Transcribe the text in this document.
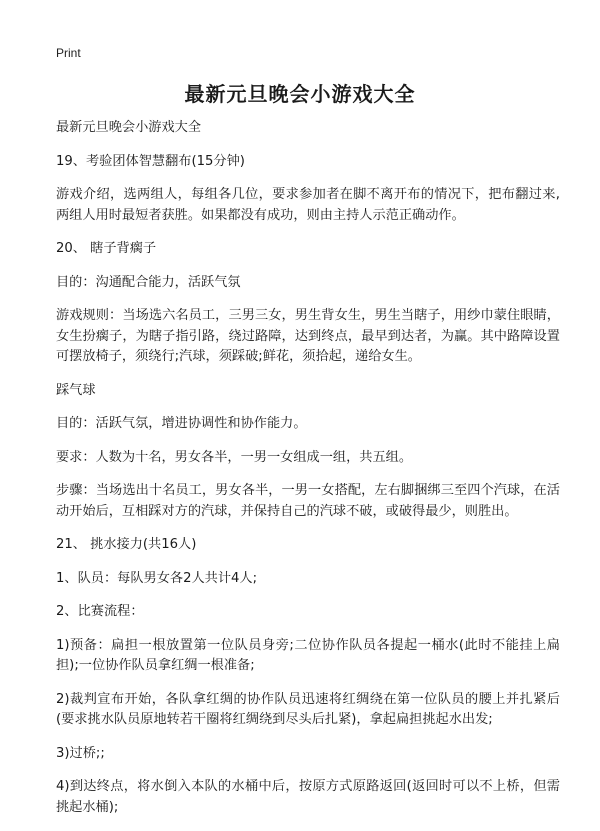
Print
最新元旦晚会小游戏大全

最新元旦晚会小游戏大全

19、考验团体智慧翻布(15分钟)

游戏介绍，选两组人，每组各几位，要求参加者在脚不离开布的情况下，把布翻过来,两组人用时最短者获胜。如果都没有成功，则由主持人示范正确动作。

20、 瞎子背瘸子

目的：沟通配合能力，活跃气氛

游戏规则：当场选六名员工，三男三女，男生背女生，男生当瞎子，用纱巾蒙住眼睛，女生扮瘸子，为瞎子指引路，绕过路障，达到终点，最早到达者，为赢。其中路障设置可摆放椅子，须绕行;汽球，须踩破;鲜花，须拾起，递给女生。

踩气球

目的：活跃气氛，增进协调性和协作能力。

要求：人数为十名，男女各半，一男一女组成一组，共五组。

步骤：当场选出十名员工，男女各半，一男一女搭配，左右脚捆绑三至四个汽球，在活动开始后，互相踩对方的汽球，并保持自己的汽球不破，或破得最少，则胜出。

21、 挑水接力(共16人)

1、队员：每队男女各2人共计4人;

2、比赛流程：

1)预备：扁担一根放置第一位队员身旁;二位协作队员各提起一桶水(此时不能挂上扁担);一位协作队员拿红绸一根准备;

2)裁判宣布开始，各队拿红绸的协作队员迅速将红绸绕在第一位队员的腰上并扎紧后(要求挑水队员原地转若干圈将红绸绕到尽头后扎紧)，拿起扁担挑起水出发;

3)过桥;;

4)到达终点，将水倒入本队的水桶中后，按原方式原路返回(返回时可以不上桥，但需挑起水桶);
